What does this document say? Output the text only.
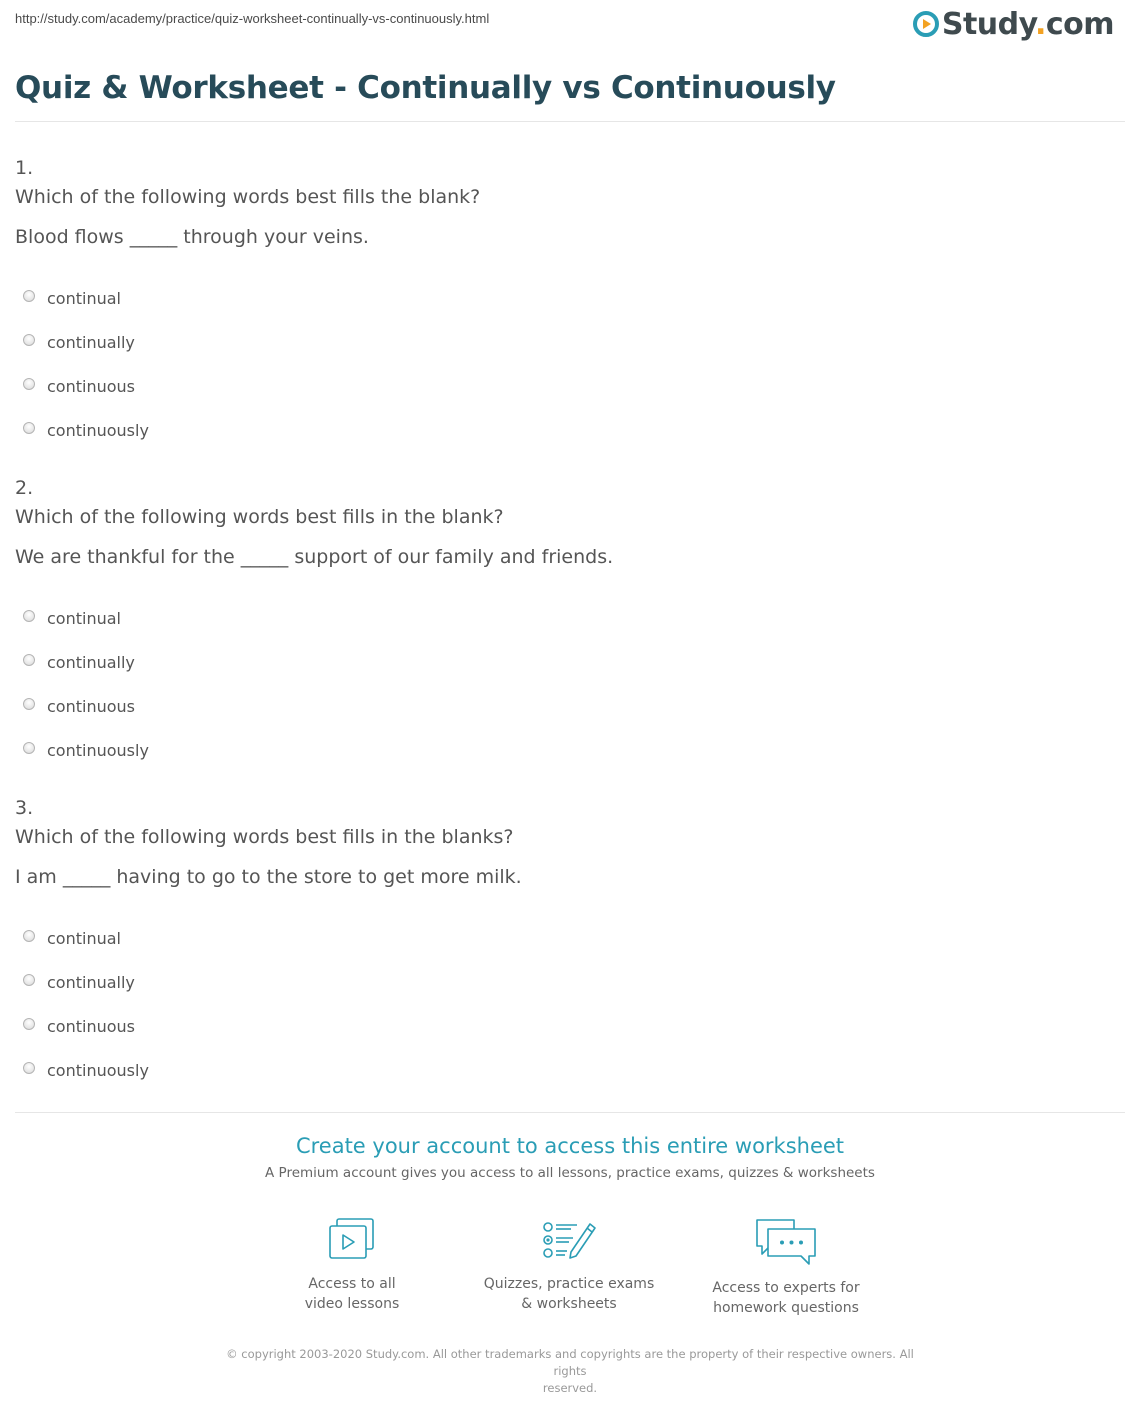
http://study.com/academy/practice/quiz-worksheet-continually-vs-continuously.html	Study.com
Quiz & Worksheet - Continually vs Continuously
1.
Which of the following words best fills the blank?
Blood flows _____ through your veins.
continual
continually
continuous
continuously
2.
Which of the following words best fills in the blank?
We are thankful for the _____ support of our family and friends.
continual
continually
continuous
continuously
3.
Which of the following words best fills in the blanks?
I am _____ having to go to the store to get more milk.
continual
continually
continuous
continuously
Create your account to access this entire worksheet
A Premium account gives you access to all lessons, practice exams, quizzes & worksheets
Access to all
video lessons
Quizzes, practice exams
& worksheets
Access to experts for
homework questions
© copyright 2003-2020 Study.com. All other trademarks and copyrights are the property of their respective owners. All rights
reserved.
